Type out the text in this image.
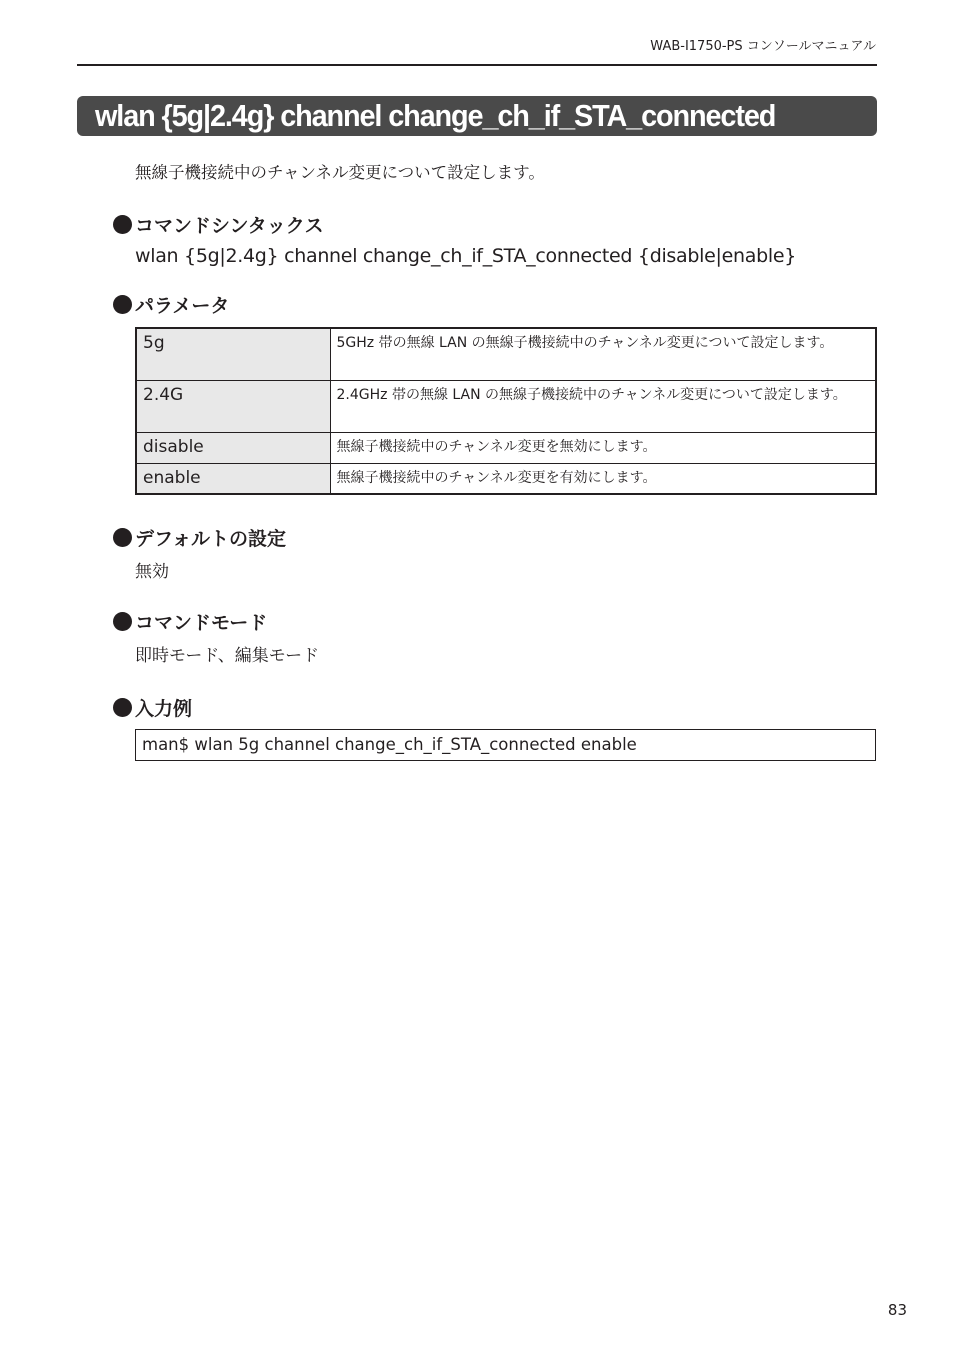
WAB-I1750-PS コンソールマニュアル
wlan {5g|2.4g} channel change_ch_if_STA_connected
無線子機接続中のチャンネル変更について設定します。
コマンドシンタックス
wlan {5g|2.4g} channel change_ch_if_STA_connected {disable|enable}
パラメータ
5g	5GHz 帯の無線 LAN の無線子機接続中のチャンネル変更について設定します。
2.4G	2.4GHz 帯の無線 LAN の無線子機接続中のチャンネル変更について設定します。
disable	無線子機接続中のチャンネル変更を無効にします。
enable	無線子機接続中のチャンネル変更を有効にします。
デフォルトの設定
無効
コマンドモード
即時モード、編集モード
入力例
man$ wlan 5g channel change_ch_if_STA_connected enable
83
